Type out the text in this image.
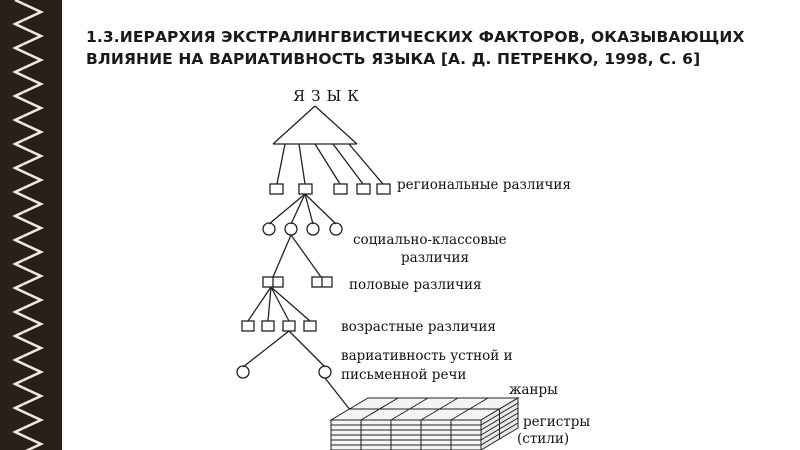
1.3.ИЕРАРХИЯ ЭКСТРАЛИНГВИСТИЧЕСКИХ ФАКТОРОВ, ОКАЗЫВАЮЩИХ ВЛИЯНИЕ НА ВАРИАТИВНОСТЬ ЯЗЫКА [А. Д. ПЕТРЕНКО, 1998, С. 6]
ЯЗЫК
региональные различия
социально-классовые
различия
половые различия
возрастные различия
вариативность устной и
письменной речи
жанры
регистры
(стили)
